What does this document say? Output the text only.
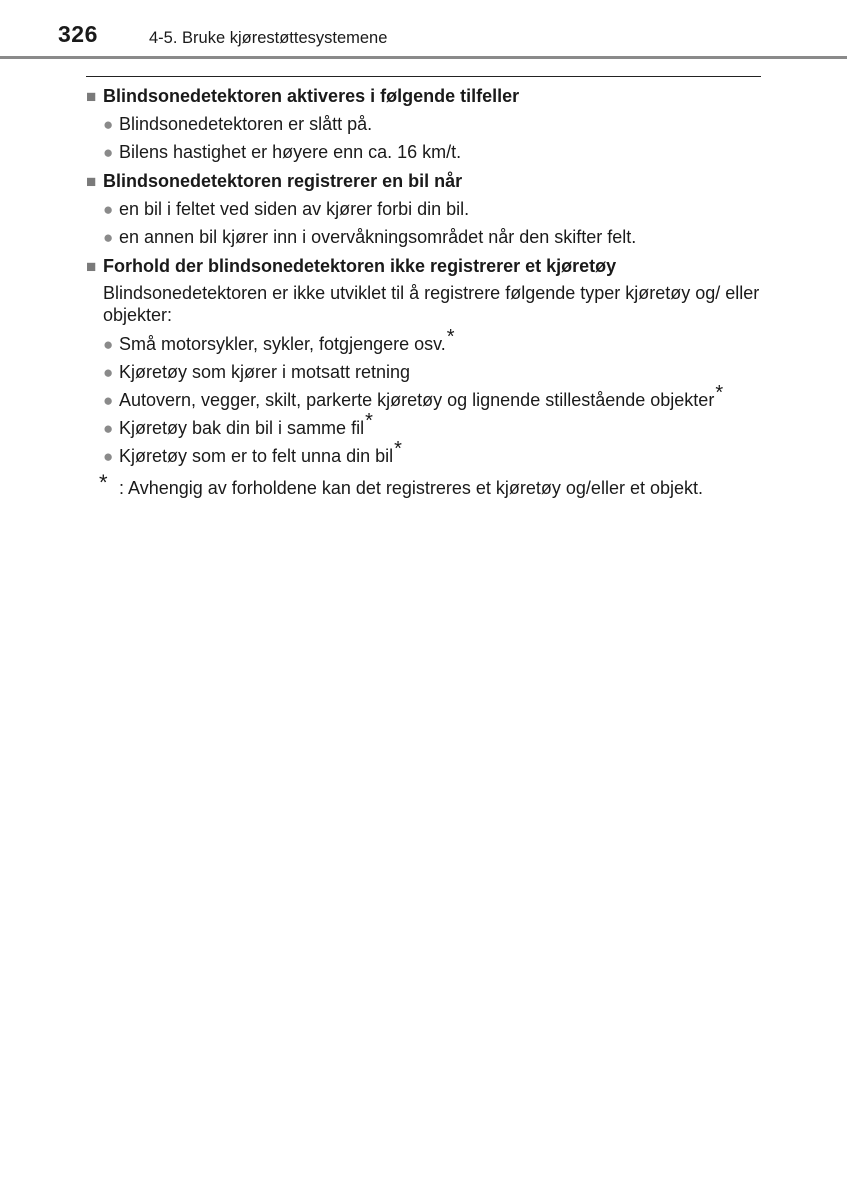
326	4-5. Bruke kjørestøttesystemene
■ Blindsonedetektoren aktiveres i følgende tilfeller
● Blindsonedetektoren er slått på.
● Bilens hastighet er høyere enn ca. 16 km/t.
■ Blindsonedetektoren registrerer en bil når
● en bil i feltet ved siden av kjører forbi din bil.
● en annen bil kjører inn i overvåkningsområdet når den skifter felt.
■ Forhold der blindsonedetektoren ikke registrerer et kjøretøy
Blindsonedetektoren er ikke utviklet til å registrere følgende typer kjøretøy og/ eller objekter:
● Små motorsykler, sykler, fotgjengere osv. *
● Kjøretøy som kjører i motsatt retning
● Autovern, vegger, skilt, parkerte kjøretøy og lignende stillestående objekter *
● Kjøretøy bak din bil i samme fil *
● Kjøretøy som er to felt unna din bil *
* : Avhengig av forholdene kan det registreres et kjøretøy og/eller et objekt.
